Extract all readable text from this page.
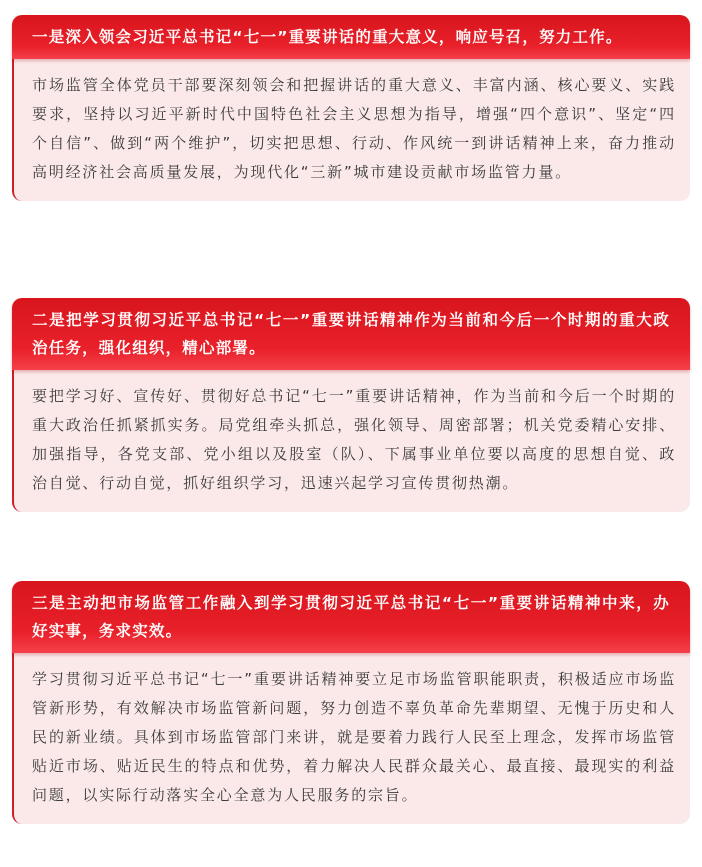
一是深入领会习近平总书记“七一”重要讲话的重大意义，响应号召，努力工作。

市场监管全体党员干部要深刻领会和把握讲话的重大意义、丰富内涵、核心要义、实践要求，坚持以习近平新时代中国特色社会主义思想为指导，增强“四个意识”、坚定“四个自信”、做到“两个维护”，切实把思想、行动、作风统一到讲话精神上来，奋力推动高明经济社会高质量发展，为现代化“三新”城市建设贡献市场监管力量。

二是把学习贯彻习近平总书记“七一”重要讲话精神作为当前和今后一个时期的重大政治任务，强化组织，精心部署。

要把学习好、宣传好、贯彻好总书记“七一”重要讲话精神，作为当前和今后一个时期的重大政治任抓紧抓实务。局党组牵头抓总，强化领导、周密部署；机关党委精心安排、加强指导，各党支部、党小组以及股室（队）、下属事业单位要以高度的思想自觉、政治自觉、行动自觉，抓好组织学习，迅速兴起学习宣传贯彻热潮。

三是主动把市场监管工作融入到学习贯彻习近平总书记“七一”重要讲话精神中来，办好实事，务求实效。

学习贯彻习近平总书记“七一”重要讲话精神要立足市场监管职能职责，积极适应市场监管新形势，有效解决市场监管新问题，努力创造不辜负革命先辈期望、无愧于历史和人民的新业绩。具体到市场监管部门来讲，就是要着力践行人民至上理念，发挥市场监管贴近市场、贴近民生的特点和优势，着力解决人民群众最关心、最直接、最现实的利益问题，以实际行动落实全心全意为人民服务的宗旨。
